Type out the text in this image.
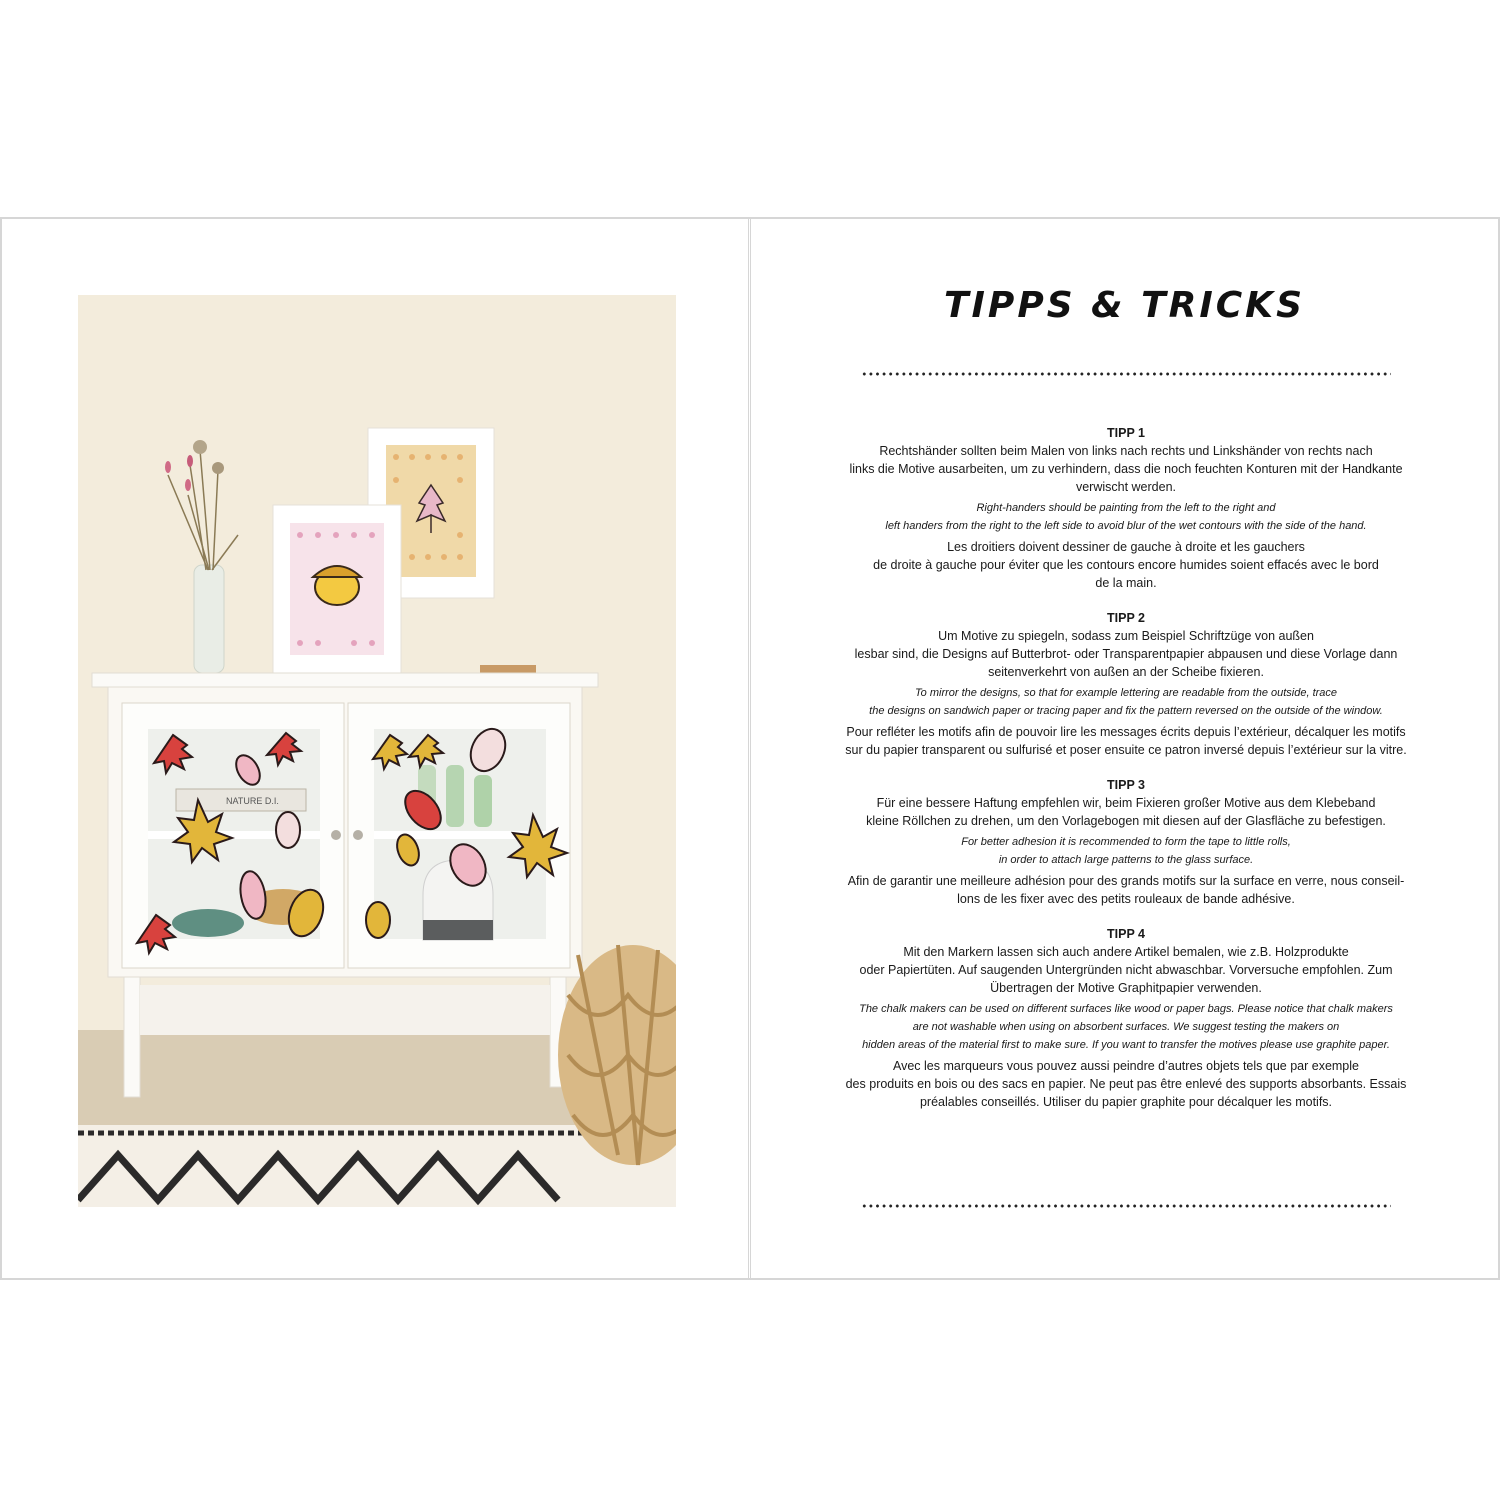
NATURE D.I.
TIPPS & TRICKS
TIPP 1
Rechtshänder sollten beim Malen von links nach rechts und Linkshänder von rechts nach
links die Motive ausarbeiten, um zu verhindern, dass die noch feuchten Konturen mit der Handkante
verwischt werden.
Right-handers should be painting from the left to the right and
left handers from the right to the left side to avoid blur of the wet contours with the side of the hand.
Les droitiers doivent dessiner de gauche à droite et les gauchers
de droite à gauche pour éviter que les contours encore humides soient effacés avec le bord
de la main.
TIPP 2
Um Motive zu spiegeln, sodass zum Beispiel Schriftzüge von außen
lesbar sind, die Designs auf Butterbrot- oder Transparentpapier abpausen und diese Vorlage dann
seitenverkehrt von außen an der Scheibe fixieren.
To mirror the designs, so that for example lettering are readable from the outside, trace
the designs on sandwich paper or tracing paper and fix the pattern reversed on the outside of the window.
Pour refléter les motifs afin de pouvoir lire les messages écrits depuis l’extérieur, décalquer les motifs
sur du papier transparent ou sulfurisé et poser ensuite ce patron inversé depuis l’extérieur sur la vitre.
TIPP 3
Für eine bessere Haftung empfehlen wir, beim Fixieren großer Motive aus dem Klebeband
kleine Röllchen zu drehen, um den Vorlagebogen mit diesen auf der Glasfläche zu befestigen.
For better adhesion it is recommended to form the tape to little rolls,
in order to attach large patterns to the glass surface.
Afin de garantir une meilleure adhésion pour des grands motifs sur la surface en verre, nous conseil-
lons de les fixer avec des petits rouleaux de bande adhésive.
TIPP 4
Mit den Markern lassen sich auch andere Artikel bemalen, wie z.B. Holzprodukte
oder Papiertüten. Auf saugenden Untergründen nicht abwaschbar. Vorversuche empfohlen. Zum
Übertragen der Motive Graphitpapier verwenden.
The chalk makers can be used on different surfaces like wood or paper bags. Please notice that chalk makers
are not washable when using on absorbent surfaces. We suggest testing the makers on
hidden areas of the material first to make sure. If you want to transfer the motives please use graphite paper.
Avec les marqueurs vous pouvez aussi peindre d’autres objets tels que par exemple
des produits en bois ou des sacs en papier. Ne peut pas être enlevé des supports absorbants. Essais
préalables conseillés. Utiliser du papier graphite pour décalquer les motifs.
